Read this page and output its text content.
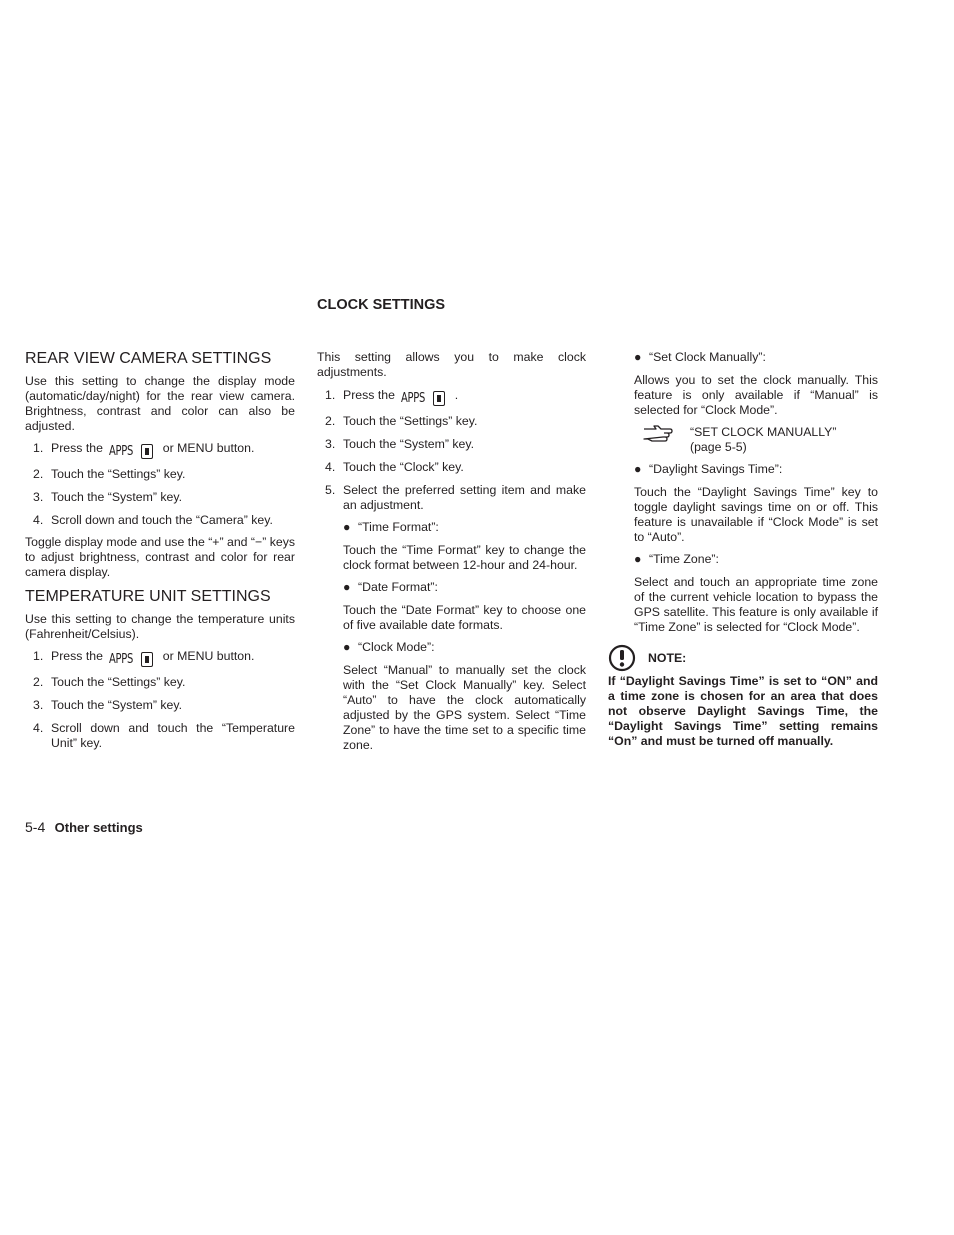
CLOCK SETTINGS
REAR VIEW CAMERA SETTINGS

Use this setting to change the display mode (automatic/day/night) for the rear view camera. Brightness, contrast and color can also be adjusted.

1. Press the APPS	or MENU button.
2. Touch the “Settings” key.
3. Touch the “System” key.
4. Scroll down and touch the “Camera” key.

Toggle display mode and use the “+” and “−” keys to adjust brightness, contrast and color for rear camera display.

TEMPERATURE UNIT SETTINGS

Use this setting to change the temperature units (Fahrenheit/Celsius).

1. Press the APPS	or MENU button.
2. Touch the “Settings” key.
3. Touch the “System” key.
4. Scroll down and touch the “Temperature Unit” key.

This setting allows you to make clock adjustments.

1. Press the APPS	.
2. Touch the “Settings” key.
3. Touch the “System” key.
4. Touch the “Clock” key.
5. Select the preferred setting item and make an adjustment.
● “Time Format”:

Touch the “Time Format” key to change the clock format between 12-hour and 24-hour.

● “Date Format”:

Touch the “Date Format” key to choose one of five available date formats.

● “Clock Mode”:

Select “Manual” to manually set the clock with the “Set Clock Manually” key. Select “Auto” to have the clock automatically adjusted by the GPS system. Select “Time Zone” to have the time set to a specific time zone.

● “Set Clock Manually”:

Allows you to set the clock manually. This feature is only available if “Manual” is selected for “Clock Mode”.

“SET CLOCK MANUALLY”
(page 5-5)
● “Daylight Savings Time”:

Touch the “Daylight Savings Time” key to toggle daylight savings time on or off. This feature is unavailable if “Clock Mode” is set to “Auto”.

● “Time Zone”:

Select and touch an appropriate time zone of the current vehicle location to bypass the GPS satellite. This feature is only available if “Time Zone” is selected for “Clock Mode”.

NOTE:

If “Daylight Savings Time” is set to “ON” and a time zone is chosen for an area that does not observe Daylight Savings Time, the “Daylight Savings Time” setting remains “On” and must be turned off manually.

5-4 Other settings
